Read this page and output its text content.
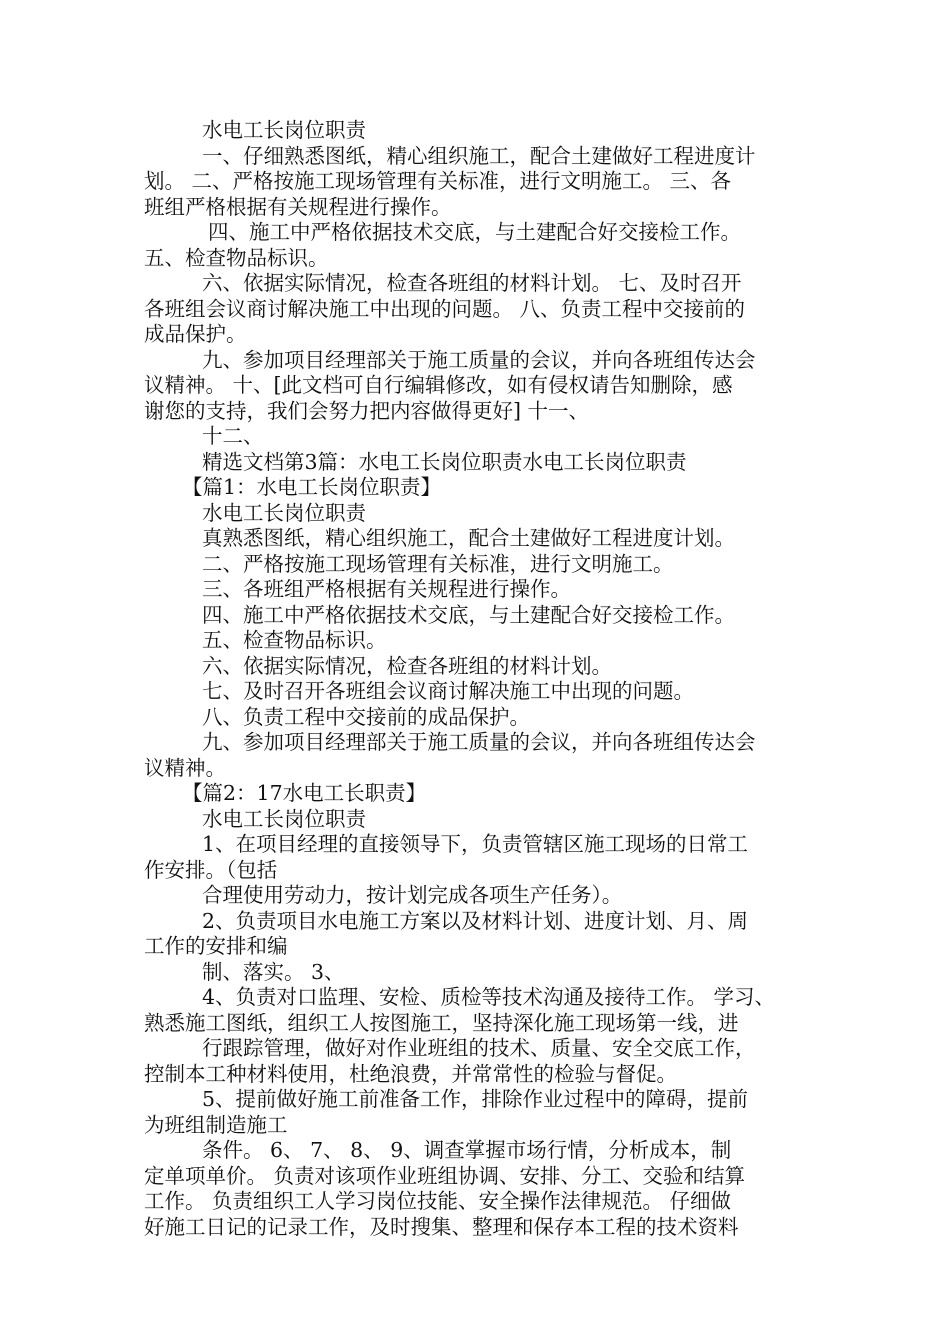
水电工长岗位职责
一、仔细熟悉图纸，精心组织施工，配合土建做好工程进度计
划。 二、严格按施工现场管理有关标准，进行文明施工。 三、各
班组严格根据有关规程进行操作。
四、施工中严格依据技术交底，与土建配合好交接检工作。
五、检查物品标识。
六、依据实际情况，检查各班组的材料计划。 七、及时召开
各班组会议商讨解决施工中出现的问题。 八、负责工程中交接前的
成品保护。
九、参加项目经理部关于施工质量的会议，并向各班组传达会
议精神。 十、[此文档可自行编辑修改，如有侵权请告知删除，感
谢您的支持，我们会努力把内容做得更好] 十一、
十二、
精选文档第3篇：水电工长岗位职责水电工长岗位职责
【篇1：水电工长岗位职责】
水电工长岗位职责
真熟悉图纸，精心组织施工，配合土建做好工程进度计划。
二、严格按施工现场管理有关标准，进行文明施工。
三、各班组严格根据有关规程进行操作。
四、施工中严格依据技术交底，与土建配合好交接检工作。
五、检查物品标识。
六、依据实际情况，检查各班组的材料计划。
七、及时召开各班组会议商讨解决施工中出现的问题。
八、负责工程中交接前的成品保护。
九、参加项目经理部关于施工质量的会议，并向各班组传达会
议精神。
【篇2：17水电工长职责】
水电工长岗位职责
1、在项目经理的直接领导下，负责管辖区施工现场的日常工
作安排。（包括
合理使用劳动力，按计划完成各项生产任务）。
2、负责项目水电施工方案以及材料计划、进度计划、月、周
工作的安排和编
制、落实。 3、
4、负责对口监理、安检、质检等技术沟通及接待工作。 学习、
熟悉施工图纸，组织工人按图施工，坚持深化施工现场第一线，进
行跟踪管理，做好对作业班组的技术、质量、安全交底工作，
控制本工种材料使用，杜绝浪费，并常常性的检验与督促。
5、提前做好施工前准备工作，排除作业过程中的障碍，提前
为班组制造施工
条件。 6、 7、 8、 9、调查掌握市场行情，分析成本，制
定单项单价。 负责对该项作业班组协调、安排、分工、交验和结算
工作。 负责组织工人学习岗位技能、安全操作法律规范。 仔细做
好施工日记的记录工作，及时搜集、整理和保存本工程的技术资料
